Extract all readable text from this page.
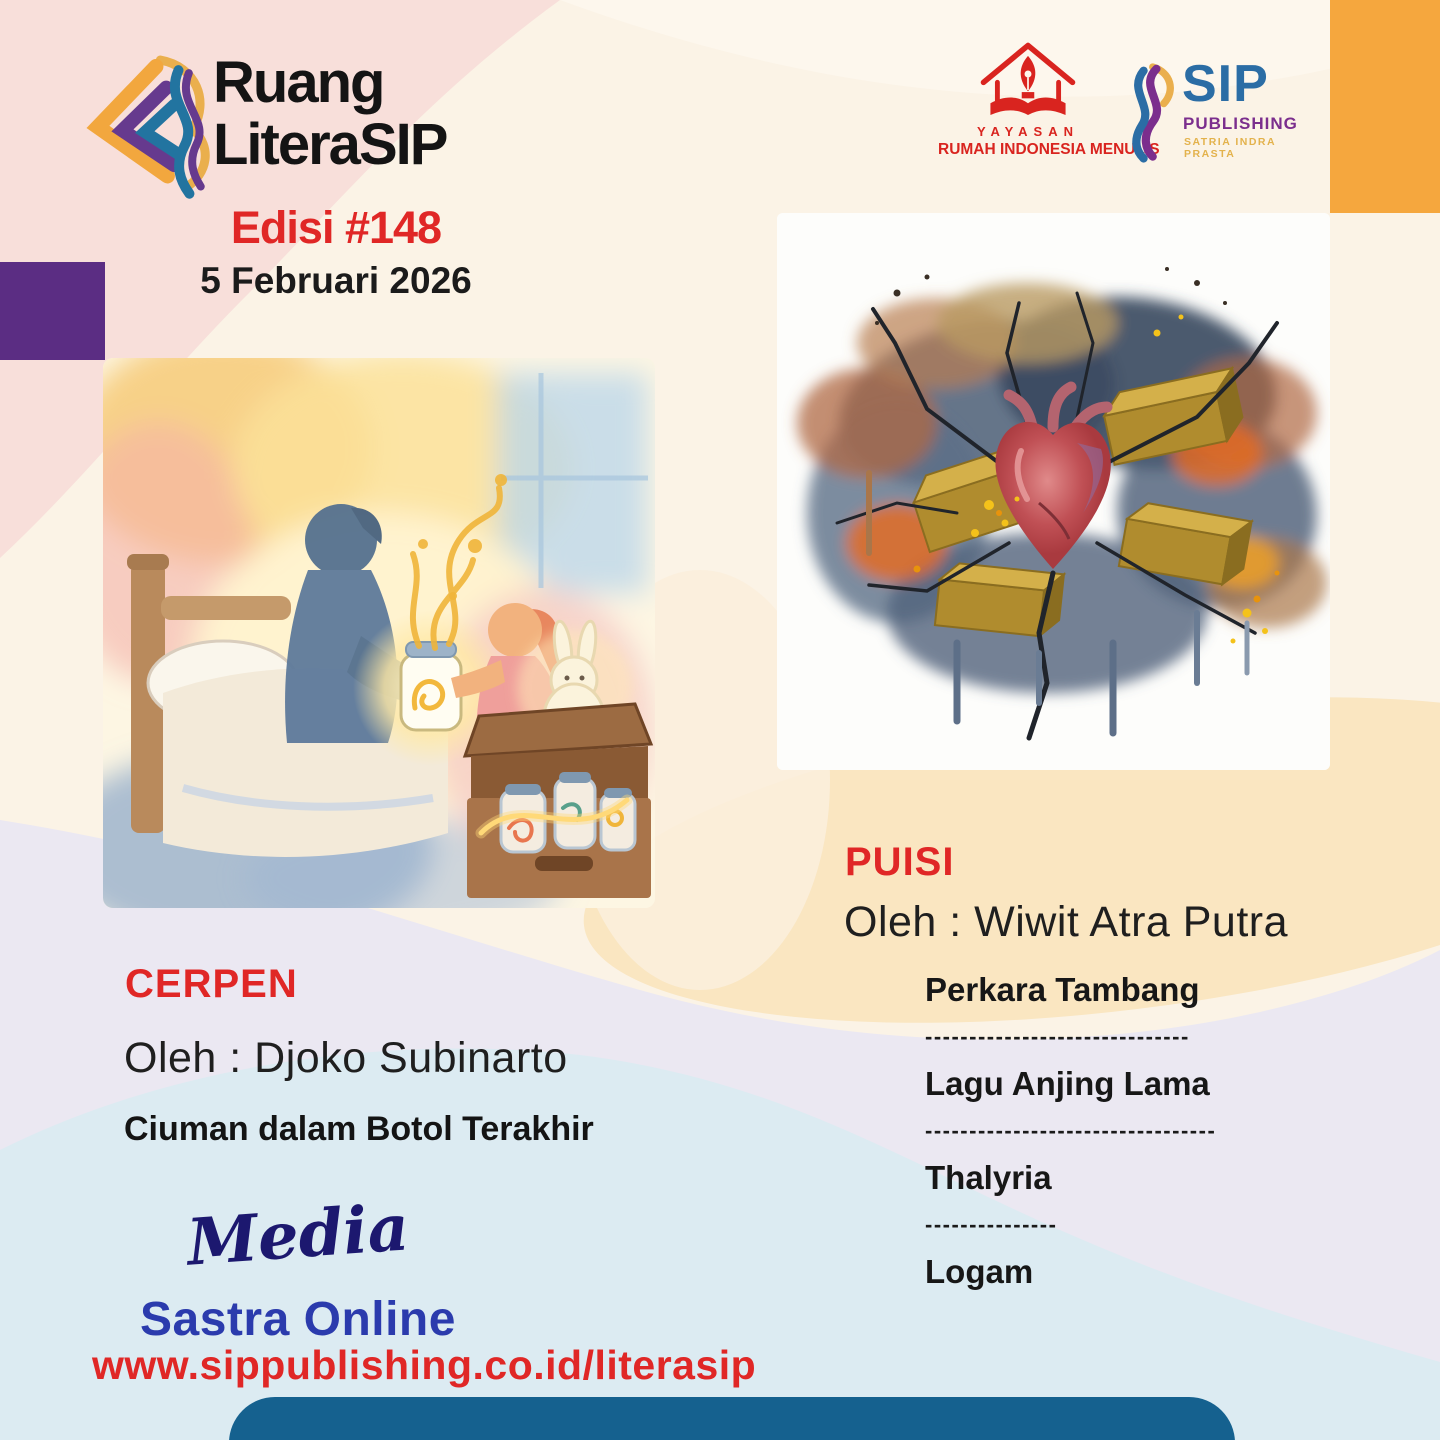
Ruang
LiteraSIP
Edisi #148
5 Februari 2026
YAYASAN
RUMAH INDONESIA MENULIS
SIP
PUBLISHING
SATRIA INDRA PRASTA
CERPEN
Oleh : Djoko Subinarto
Ciuman dalam Botol Terakhir
PUISI
Oleh : Wiwit Atra Putra
Perkara Tambang
------------------------------
Lagu Anjing Lama
---------------------------------
Thalyria
---------------
Logam
Media
Sastra Online
www.sippublishing.co.id/literasip
